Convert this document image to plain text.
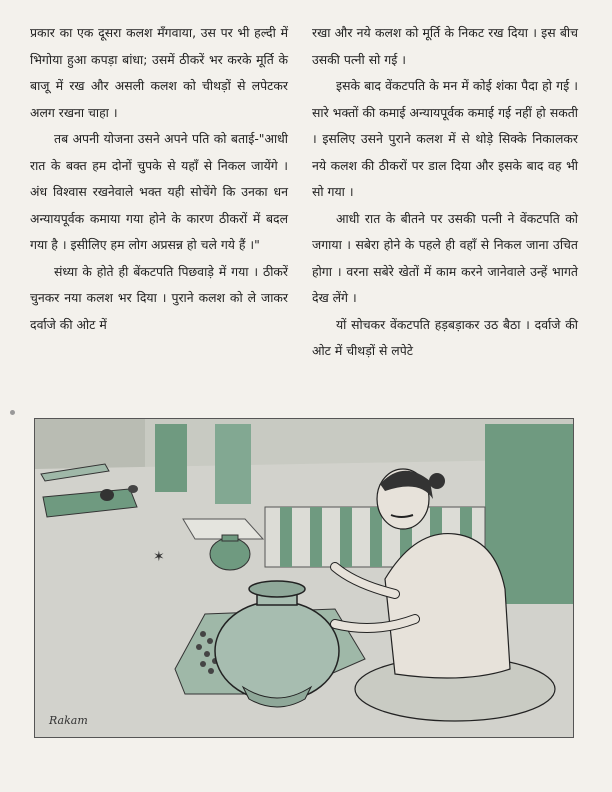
प्रकार का एक दूसरा कलश मँगवाया, उस पर भी हल्दी में भिगोया हुआ कपड़ा बांधा; उसमें ठीकरें भर करके मूर्ति के बाजू में रख और असली कलश को चीथड़ों से लपेटकर अलग रखना चाहा ।

तब अपनी योजना उसने अपने पति को बताई-"आधी रात के बक्त हम दोनों चुपके से यहाँ से निकल जायेंगे । अंध विश्वास रखनेवाले भक्त यही सोचेंगे कि उनका धन अन्यायपूर्वक कमाया गया होने के कारण ठीकरों में बदल गया है । इसीलिए हम लोग अप्रसन्न हो चले गये हैं ।"

संध्या के होते ही बेंकटपति पिछवाड़े में गया । ठीकरें चुनकर नया कलश भर दिया । पुराने कलश को ले जाकर दर्वाजे की ओट में

रखा और नये कलश को मूर्ति के निकट रख दिया । इस बीच उसकी पत्नी सो गई ।

इसके बाद वेंकटपति के मन में कोई शंका पैदा हो गई । सारे भक्तों की कमाई अन्यायपूर्वक कमाई गई नहीं हो सकती । इसलिए उसने पुराने कलश में से थोड़े सिक्के निकालकर नये कलश की ठीकरों पर डाल दिया और इसके बाद वह भी सो गया ।

आधी रात के बीतने पर उसकी पत्नी ने वेंकटपति को जगाया । सबेरा होने के पहले ही वहाँ से निकल जाना उचित होगा । वरना सबेरे खेतों में काम करने जानेवाले उन्हें भागते देख लेंगे ।

यों सोचकर वेंकटपति हड़बड़ाकर उठ बैठा । दर्वाजे की ओट में चीथड़ों से लपेटे

✶
Rakam
